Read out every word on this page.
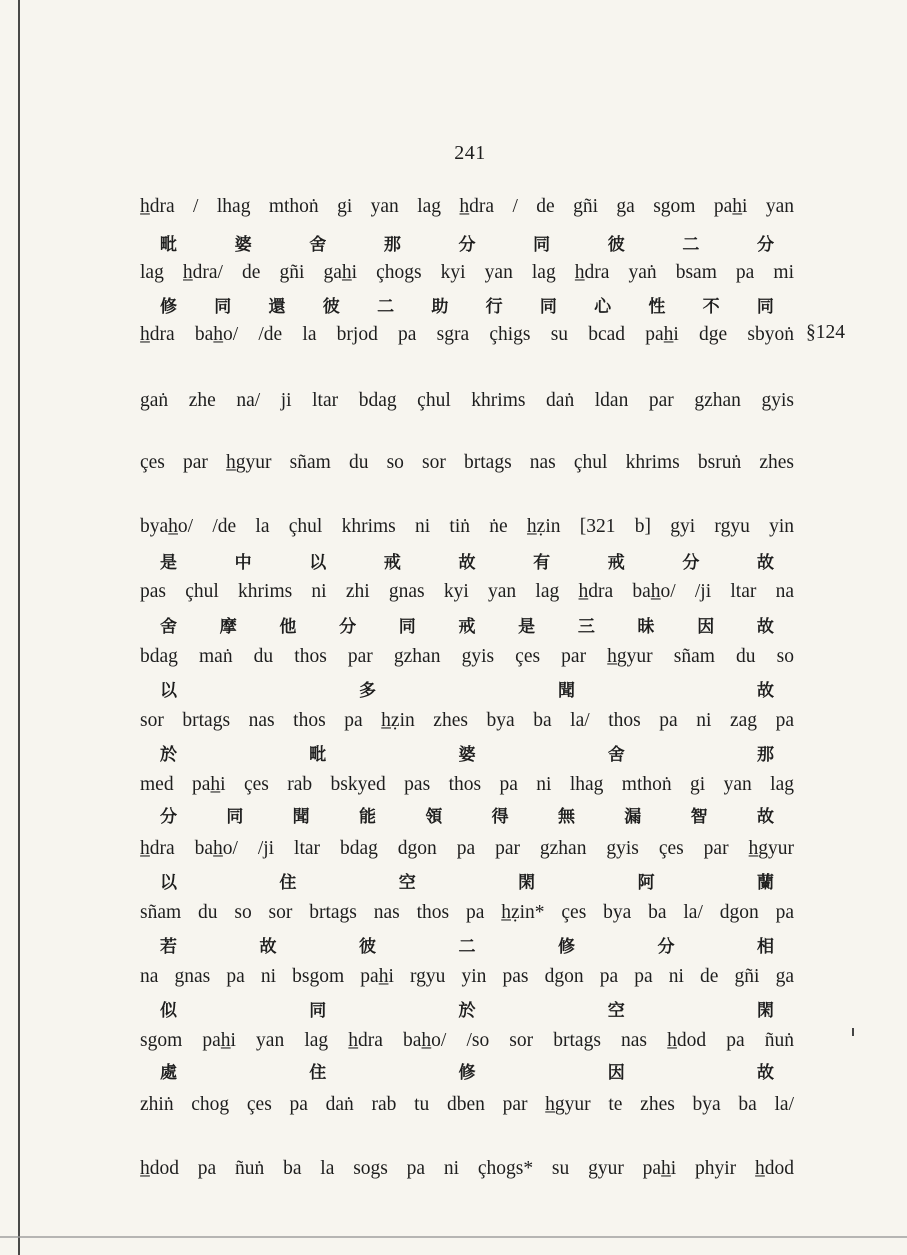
241
§124
h̲dra / lhag mthoṅ gi yan lag h̲dra / de gñi ga sgom pah̲i yan
毗	婆	舍	那	分	同	彼	二	分
lag h̲dra/ de gñi gah̲i çhogs kyi yan lag h̲dra yaṅ bsam pa mi
修 同 還 彼 二 助 行 同 心 性 不 同
h̲dra bah̲o/ /de la brjod pa sgra çhigs su bcad pah̲i dge sbyoṅ
gaṅ zhe na/ ji ltar bdag çhul khrims daṅ ldan par gzhan gyis
çes par h̲gyur sñam du so sor brtags nas çhul khrims bsruṅ zhes
byah̲o/ /de la çhul khrims ni tiṅ ṅe h̲ẓin [321 b] gyi rgyu yin
是	中	以	戒	故	有	戒	分	故
pas çhul khrims ni zhi gnas kyi yan lag h̲dra bah̲o/ /ji ltar na
舍	摩	他	分	同	戒	是	三	昧	因	故
bdag maṅ du thos par gzhan gyis çes par h̲gyur sñam du so
以	多	聞	故
sor brtags nas thos pa h̲ẓin zhes bya ba la/ thos pa ni zag pa
於	毗	婆	舍	那
med pah̲i çes rab bskyed pas thos pa ni lhag mthoṅ gi yan lag
分	同	聞	能	領	得	無	漏	智	故
h̲dra bah̲o/ /ji ltar bdag dgon pa par gzhan gyis çes par h̲gyur
以	住	空	閑	阿	蘭
sñam du so sor brtags nas thos pa h̲ẓin* çes bya ba la/ dgon pa
若	故	彼	二	修	分	相
na gnas pa ni bsgom pah̲i rgyu yin pas dgon pa pa ni de gñi ga
似	同	於	空	閑
sgom pah̲i yan lag h̲dra bah̲o/ /so sor brtags nas h̲dod pa ñuṅ
處	住	修	因	故
zhiṅ chog çes pa daṅ rab tu dben par h̲gyur te zhes bya ba la/
h̲dod pa ñuṅ ba la sogs pa ni çhogs* su gyur pah̲i phyir h̲dod
